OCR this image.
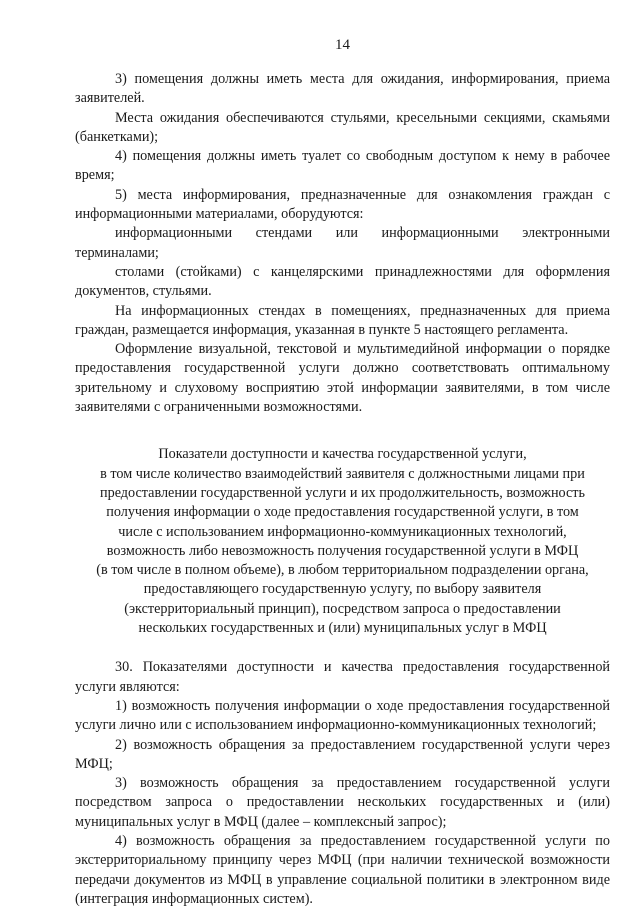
14

3) помещения должны иметь места для ожидания, информирования, приема заявителей.

Места ожидания обеспечиваются стульями, кресельными секциями, скамьями (банкетками);

4) помещения должны иметь туалет со свободным доступом к нему в рабочее время;

5) места информирования, предназначенные для ознакомления граждан с информационными материалами, оборудуются:

информационными стендами или информационными электронными терминалами;

столами (стойками) с канцелярскими принадлежностями для оформления документов, стульями.

На информационных стендах в помещениях, предназначенных для приема граждан, размещается информация, указанная в пункте 5 настоящего регламента.

Оформление визуальной, текстовой и мультимедийной информации о порядке предоставления государственной услуги должно соответствовать оптимальному зрительному и слуховому восприятию этой информации заявителями, в том числе заявителями с ограниченными возможностями.

Показатели доступности и качества государственной услуги,
в том числе количество взаимодействий заявителя с должностными лицами при
предоставлении государственной услуги и их продолжительность, возможность
получения информации о ходе предоставления государственной услуги, в том
числе с использованием информационно-коммуникационных технологий,
возможность либо невозможность получения государственной услуги в МФЦ
(в том числе в полном объеме), в любом территориальном подразделении органа,
предоставляющего государственную услугу, по выбору заявителя
(экстерриториальный принцип), посредством запроса о предоставлении
нескольких государственных и (или) муниципальных услуг в МФЦ

30. Показателями доступности и качества предоставления государственной услуги являются:

1) возможность получения информации о ходе предоставления государственной услуги лично или с использованием информационно-коммуникационных технологий;

2) возможность обращения за предоставлением государственной услуги через МФЦ;

3) возможность обращения за предоставлением государственной услуги посредством запроса о предоставлении нескольких государственных и (или) муниципальных услуг в МФЦ (далее – комплексный запрос);

4) возможность обращения за предоставлением государственной услуги по экстерриториальному принципу через МФЦ (при наличии технической возможности передачи документов из МФЦ в управление социальной политики в электронном виде (интеграция информационных систем).
